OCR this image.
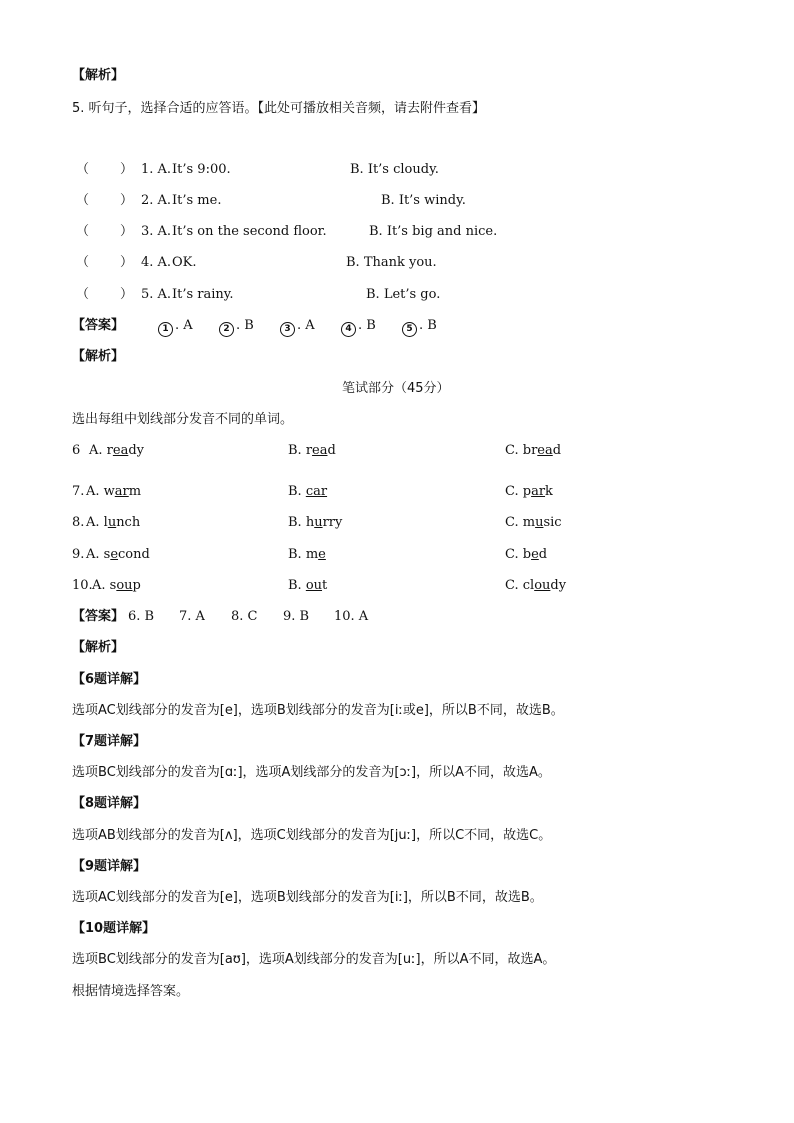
【解析】
5. 听句子，选择合适的应答语。【此处可播放相关音频，请去附件查看】
（ ） 1. A. It’s 9:00.	B. It’s cloudy.
（ ） 2. A. It’s me.	B. It’s windy.
（ ） 3. A. It’s on the second floor.	B. It’s big and nice.
（ ） 4. A. OK.	B. Thank you.
（ ） 5. A. It’s rainy.	B. Let’s go.
【答案】	1 . A	2 . B	3 . A	4 . B	5 . B
【解析】
笔试部分（45分）
选出每组中划线部分发音不同的单词。
6 A. ready	B. read	C. bread
7. A. warm	B. car	C. park
8. A. lunch	B. hurry	C. music
9. A. second	B. me	C. bed
10. A. soup	B. out	C. cloudy
【答案】 6. B 7. A 8. C 9. B 10. A
【解析】
【6题详解】
选项AC划线部分的发音为[e]，选项B划线部分的发音为[iː或e]，所以B不同，故选B。
【7题详解】
选项BC划线部分的发音为[ɑː]，选项A划线部分的发音为[ɔː]，所以A不同，故选A。
【8题详解】
选项AB划线部分的发音为[ʌ]，选项C划线部分的发音为[juː]，所以C不同，故选C。
【9题详解】
选项AC划线部分的发音为[e]，选项B划线部分的发音为[iː]，所以B不同，故选B。
【10题详解】
选项BC划线部分的发音为[aʊ]，选项A划线部分的发音为[uː]，所以A不同，故选A。
根据情境选择答案。
